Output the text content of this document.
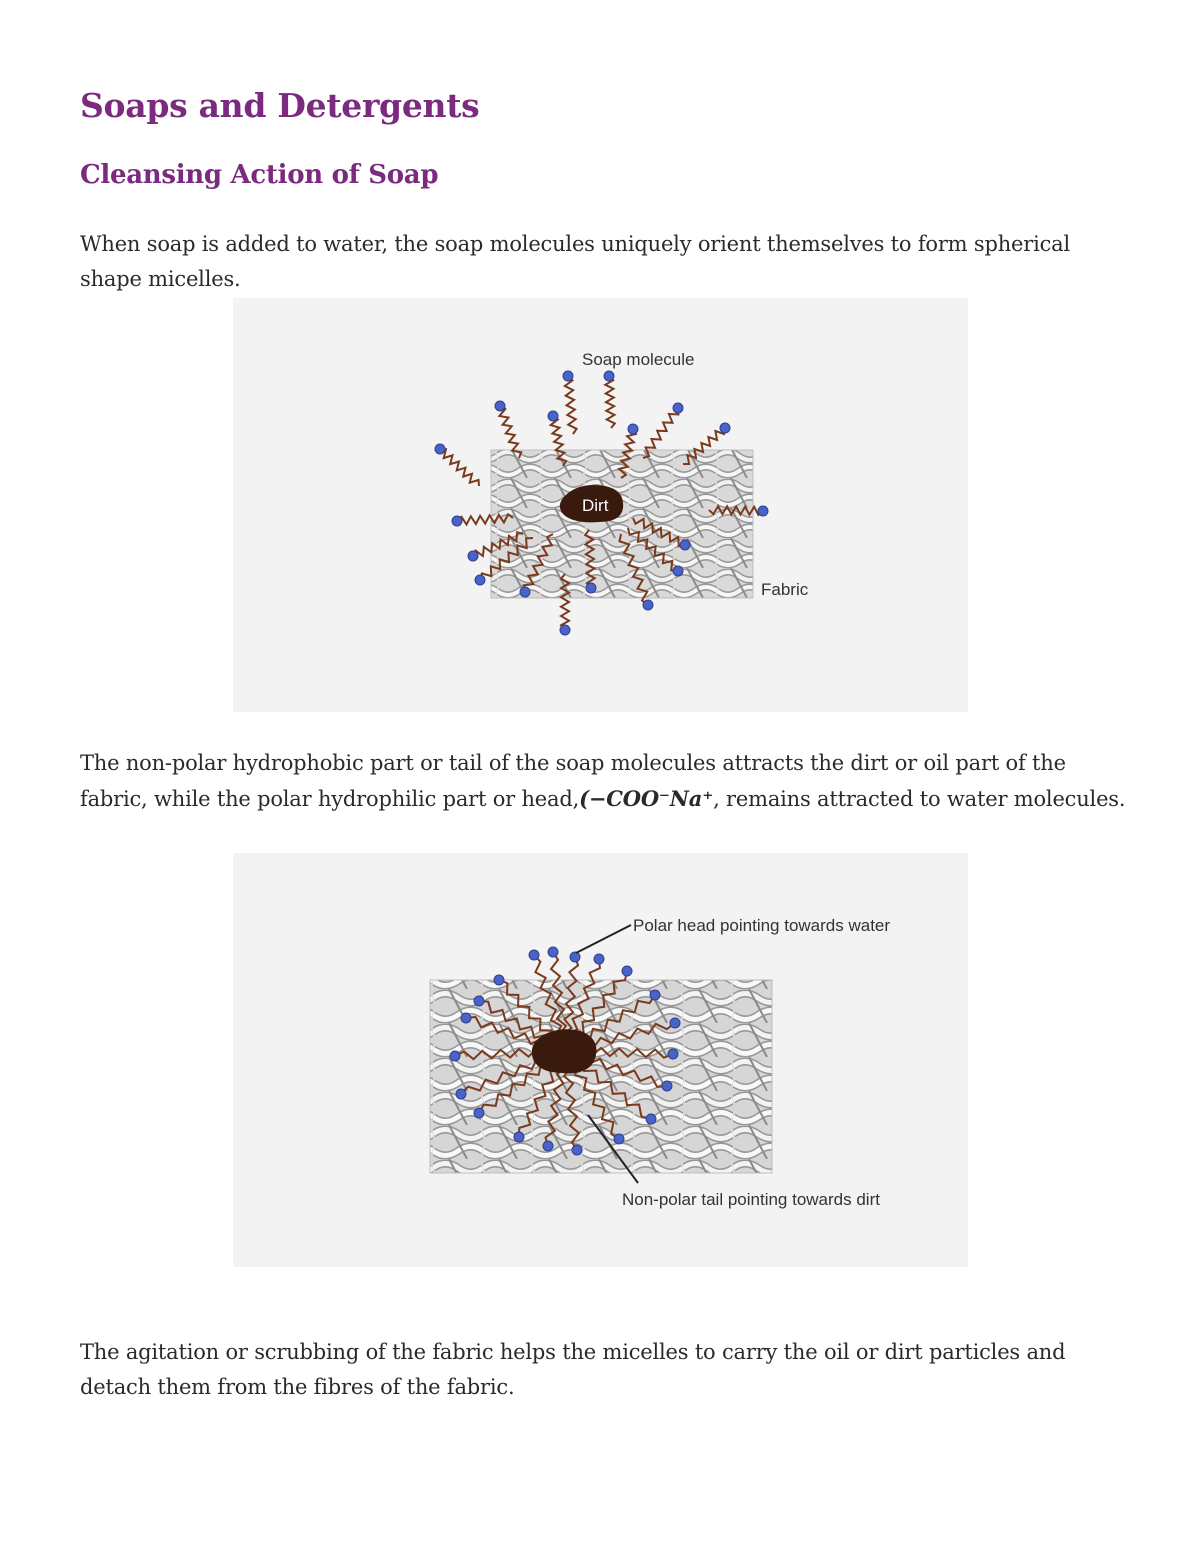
Soaps and Detergents
Cleansing Action of Soap

When soap is added to water, the soap molecules uniquely orient themselves to form spherical shape micelles.

Dirt
Soap molecule
Fabric

The non-polar hydrophobic part or tail of the soap molecules attracts the dirt or oil part of the fabric, while the polar hydrophilic part or head,(−COO⁻Na⁺, remains attracted to water molecules.

Polar head pointing towards water
Non-polar tail pointing towards dirt

The agitation or scrubbing of the fabric helps the micelles to carry the oil or dirt particles and detach them from the fibres of the fabric.
